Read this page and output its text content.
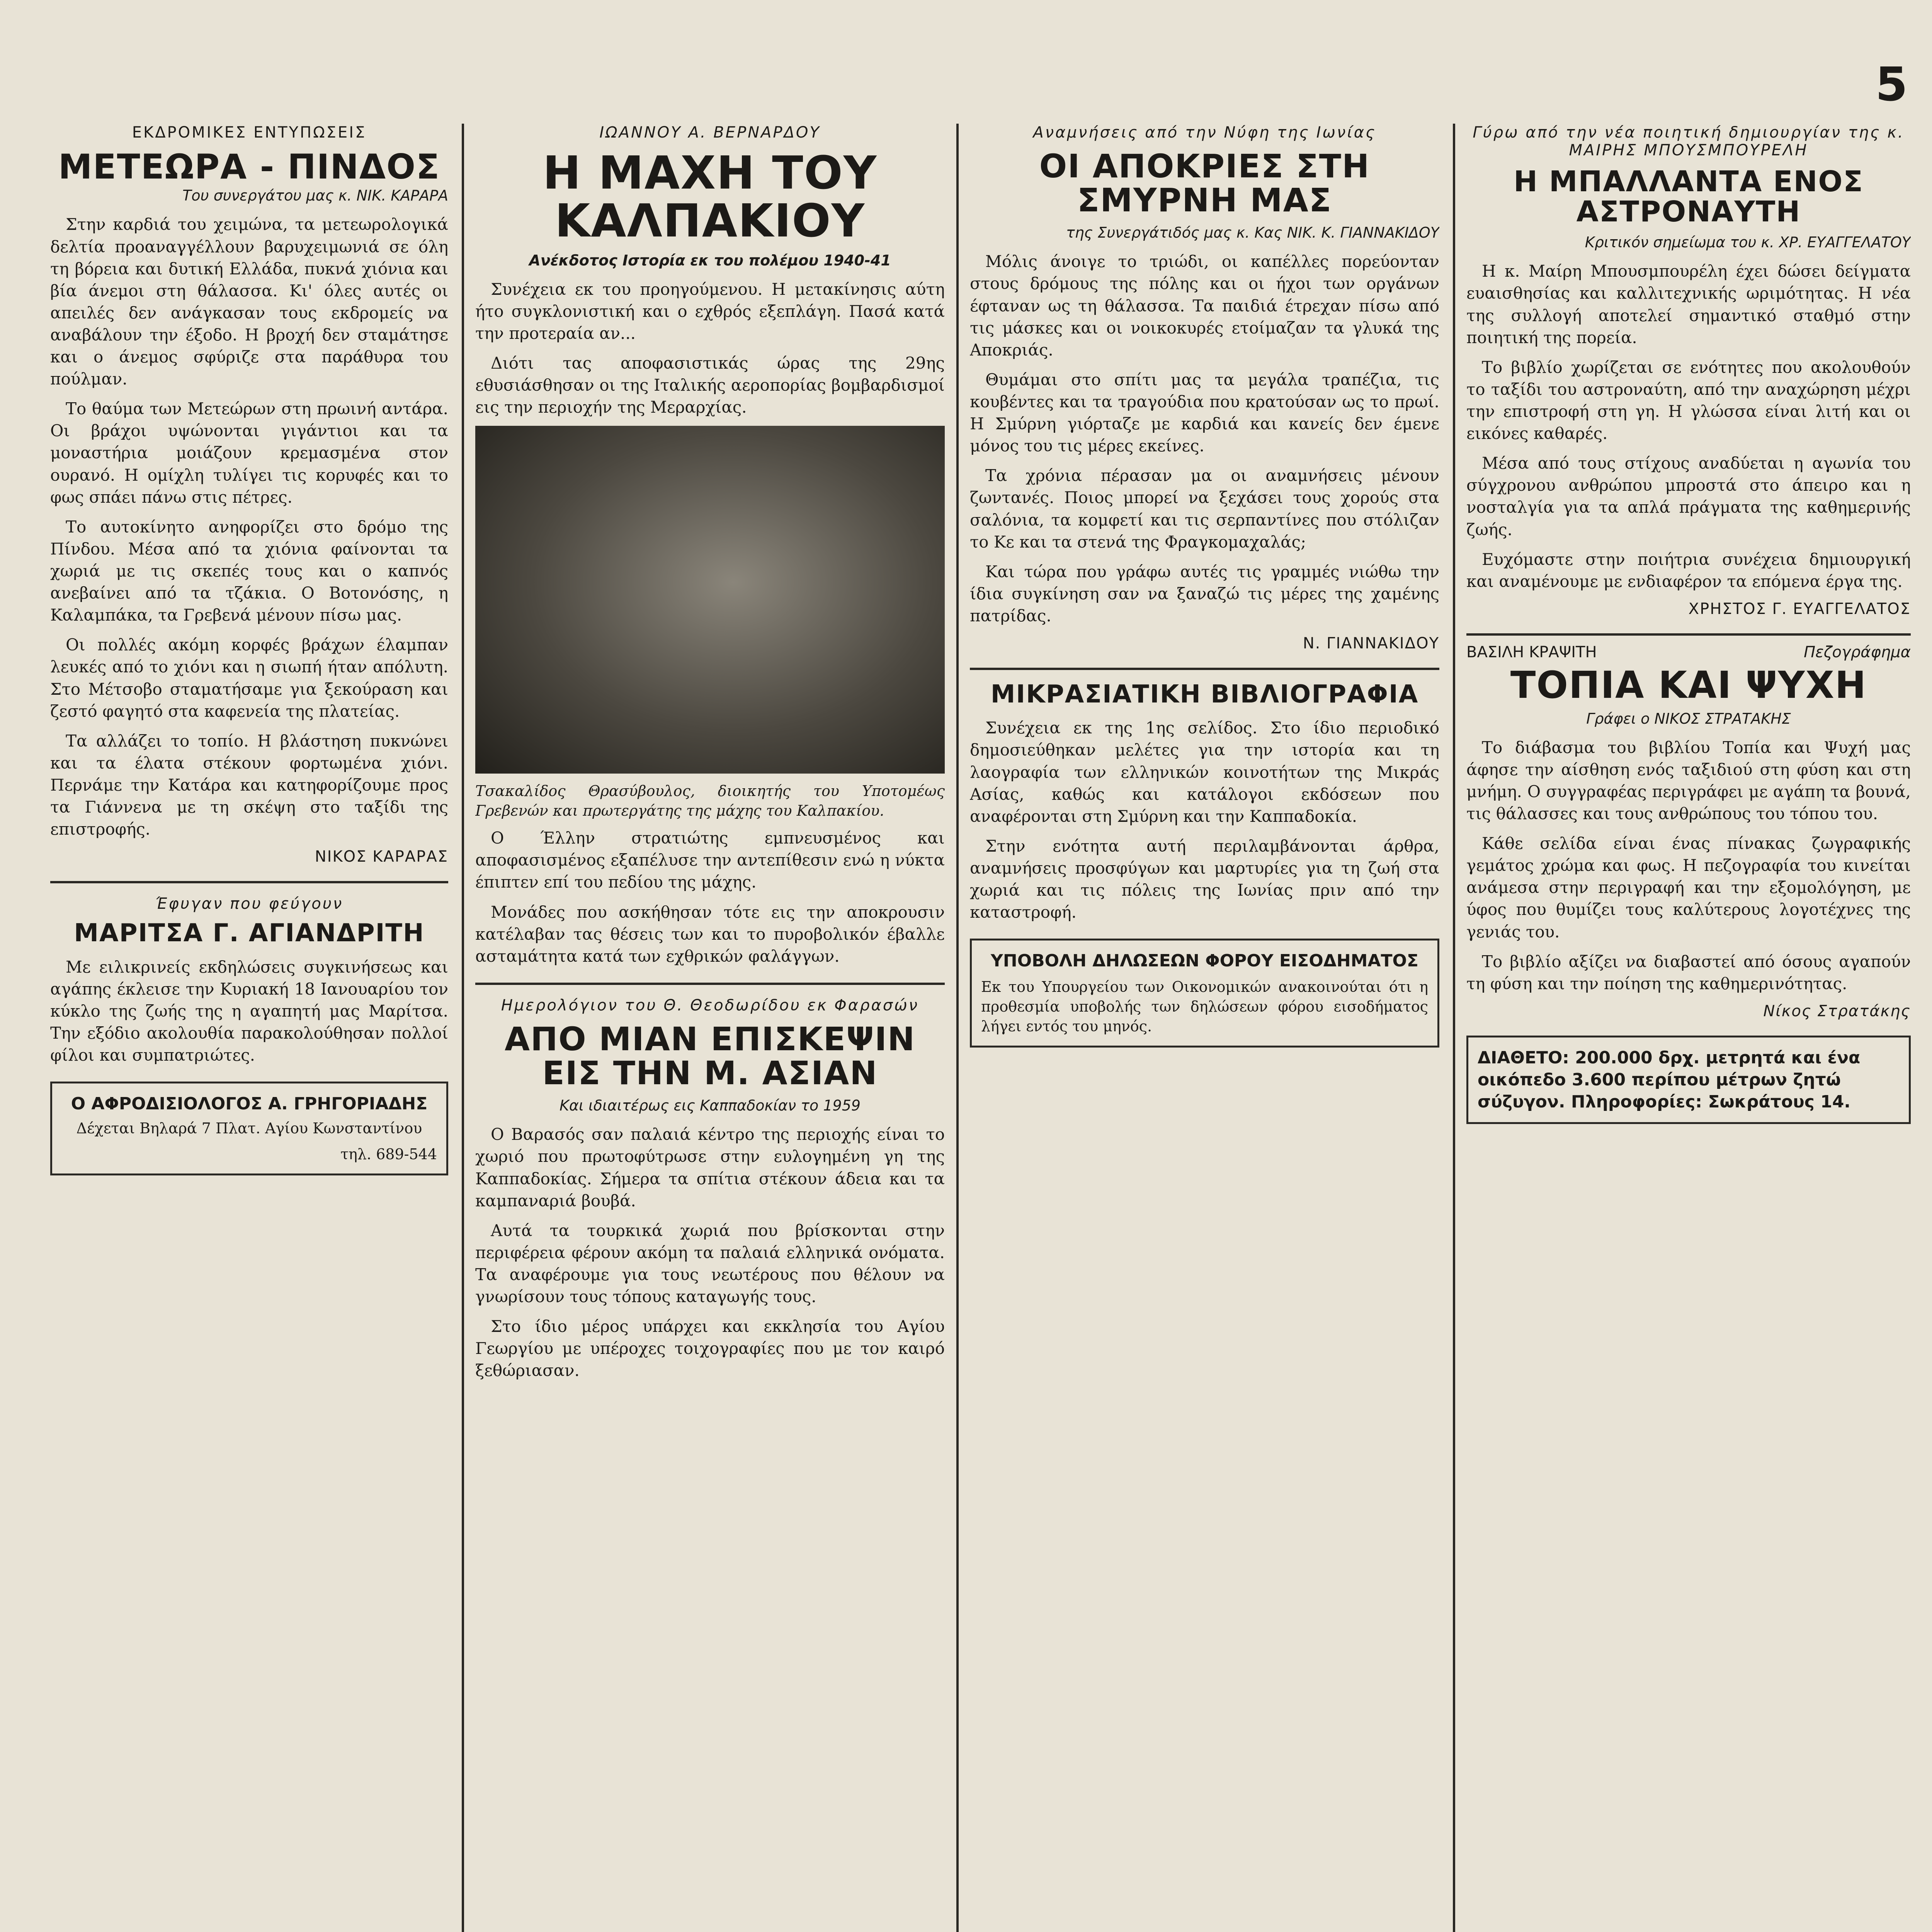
5

ΕΚΔΡΟΜΙΚΕΣ ΕΝΤΥΠΩΣΕΙΣ

ΜΕΤΕΩΡΑ - ΠΙΝΔΟΣ

Του συνεργάτου μας κ. ΝΙΚ. ΚΑΡΑΡΑ

Στην καρδιά του χειμώνα, τα μετεωρολογικά δελτία προαναγγέλλουν βαρυχειμωνιά σε όλη τη βόρεια και δυτική Ελλάδα, πυκνά χιόνια και βία άνεμοι στη θάλασσα. Κι' όλες αυτές οι απειλές δεν ανάγκασαν τους εκδρομείς να αναβάλουν την έξοδο. Η βροχή δεν σταμάτησε και ο άνεμος σφύριζε στα παράθυρα του πούλμαν.

Το θαύμα των Μετεώρων στη πρωινή αντάρα. Οι βράχοι υψώνονται γιγάντιοι και τα μοναστήρια μοιάζουν κρεμασμένα στον ουρανό. Η ομίχλη τυλίγει τις κορυφές και το φως σπάει πάνω στις πέτρες.

Το αυτοκίνητο ανηφορίζει στο δρόμο της Πίνδου. Μέσα από τα χιόνια φαίνονται τα χωριά με τις σκεπές τους και ο καπνός ανεβαίνει από τα τζάκια. Ο Βοτονόσης, η Καλαμπάκα, τα Γρεβενά μένουν πίσω μας.

Οι πολλές ακόμη κορφές βράχων έλαμπαν λευκές από το χιόνι και η σιωπή ήταν απόλυτη. Στο Μέτσοβο σταματήσαμε για ξεκούραση και ζεστό φαγητό στα καφενεία της πλατείας.

Τα αλλάζει το τοπίο. Η βλάστηση πυκνώνει και τα έλατα στέκουν φορτωμένα χιόνι. Περνάμε την Κατάρα και κατηφορίζουμε προς τα Γιάννενα με τη σκέψη στο ταξίδι της επιστροφής.

ΝΙΚΟΣ ΚΑΡΑΡΑΣ

Έφυγαν που φεύγουν

ΜΑΡΙΤΣΑ Γ. ΑΓΙΑΝΔΡΙΤΗ

Με ειλικρινείς εκδηλώσεις συγκινήσεως και αγάπης έκλεισε την Κυριακή 18 Ιανουαρίου τον κύκλο της ζωής της η αγαπητή μας Μαρίτσα. Την εξόδιο ακολουθία παρακολούθησαν πολλοί φίλοι και συμπατριώτες.

Ο ΑΦΡΟΔΙΣΙΟΛΟΓΟΣ Α. ΓΡΗΓΟΡΙΑΔΗΣ

Δέχεται Βηλαρά 7 Πλατ. Αγίου Κωνσταντίνου

τηλ. 689-544

ΙΩΑΝΝΟΥ Α. ΒΕΡΝΑΡΔΟΥ

Η ΜΑΧΗ ΤΟΥ ΚΑΛΠΑΚΙΟΥ

Ανέκδοτος Ιστορία εκ του πολέμου 1940-41

Συνέχεια εκ του προηγούμενου. Η μετακίνησις αύτη ήτο συγκλονιστική και ο εχθρός εξεπλάγη. Πασά κατά την προτεραία αν...

Διότι τας αποφασιστικάς ώρας της 29ης εθυσιάσθησαν οι της Ιταλικής αεροπορίας βομβαρδισμοί εις την περιοχήν της Μεραρχίας.

Τσακαλίδος Θρασύβουλος, διοικητής του Υποτομέως Γρεβενών και πρωτεργάτης της μάχης του Καλπακίου.

Ο Έλλην στρατιώτης εμπνευσμένος και αποφασισμένος εξαπέλυσε την αντεπίθεσιν ενώ η νύκτα έπιπτεν επί του πεδίου της μάχης.

Μονάδες που ασκήθησαν τότε εις την αποκρουσιν κατέλαβαν τας θέσεις των και το πυροβολικόν έβαλλε ασταμάτητα κατά των εχθρικών φαλάγγων.

Ημερολόγιον του Θ. Θεοδωρίδου εκ Φαρασών

ΑΠΟ ΜΙΑΝ ΕΠΙΣΚΕΨΙΝ ΕΙΣ ΤΗΝ Μ. ΑΣΙΑΝ

Και ιδιαιτέρως εις Καππαδοκίαν το 1959

Ο Βαρασός σαν παλαιά κέντρο της περιοχής είναι το χωριό που πρωτοφύτρωσε στην ευλογημένη γη της Καππαδοκίας. Σήμερα τα σπίτια στέκουν άδεια και τα καμπαναριά βουβά.

Αυτά τα τουρκικά χωριά που βρίσκονται στην περιφέρεια φέρουν ακόμη τα παλαιά ελληνικά ονόματα. Τα αναφέρουμε για τους νεωτέρους που θέλουν να γνωρίσουν τους τόπους καταγωγής τους.

Στο ίδιο μέρος υπάρχει και εκκλησία του Αγίου Γεωργίου με υπέροχες τοιχογραφίες που με τον καιρό ξεθώριασαν.

Αναμνήσεις από την Νύφη της Ιωνίας

ΟΙ ΑΠΟΚΡΙΕΣ ΣΤΗ ΣΜΥΡΝΗ ΜΑΣ

της Συνεργάτιδός μας κ. Κας ΝΙΚ. Κ. ΓΙΑΝΝΑΚΙΔΟΥ

Μόλις άνοιγε το τριώδι, οι καπέλλες πορεύονταν στους δρόμους της πόλης και οι ήχοι των οργάνων έφταναν ως τη θάλασσα. Τα παιδιά έτρεχαν πίσω από τις μάσκες και οι νοικοκυρές ετοίμαζαν τα γλυκά της Αποκριάς.

Θυμάμαι στο σπίτι μας τα μεγάλα τραπέζια, τις κουβέντες και τα τραγούδια που κρατούσαν ως το πρωί. Η Σμύρνη γιόρταζε με καρδιά και κανείς δεν έμενε μόνος του τις μέρες εκείνες.

Τα χρόνια πέρασαν μα οι αναμνήσεις μένουν ζωντανές. Ποιος μπορεί να ξεχάσει τους χορούς στα σαλόνια, τα κομφετί και τις σερπαντίνες που στόλιζαν το Κε και τα στενά της Φραγκομαχαλάς;

Και τώρα που γράφω αυτές τις γραμμές νιώθω την ίδια συγκίνηση σαν να ξαναζώ τις μέρες της χαμένης πατρίδας.

Ν. ΓΙΑΝΝΑΚΙΔΟΥ

ΜΙΚΡΑΣΙΑΤΙΚΗ ΒΙΒΛΙΟΓΡΑΦΙΑ

Συνέχεια εκ της 1ης σελίδος. Στο ίδιο περιοδικό δημοσιεύθηκαν μελέτες για την ιστορία και τη λαογραφία των ελληνικών κοινοτήτων της Μικράς Ασίας, καθώς και κατάλογοι εκδόσεων που αναφέρονται στη Σμύρνη και την Καππαδοκία.

Στην ενότητα αυτή περιλαμβάνονται άρθρα, αναμνήσεις προσφύγων και μαρτυρίες για τη ζωή στα χωριά και τις πόλεις της Ιωνίας πριν από την καταστροφή.

ΥΠΟΒΟΛΗ ΔΗΛΩΣΕΩΝ ΦΟΡΟΥ ΕΙΣΟΔΗΜΑΤΟΣ

Εκ του Υπουργείου των Οικονομικών ανακοινούται ότι η προθεσμία υποβολής των δηλώσεων φόρου εισοδήματος λήγει εντός του μηνός.

Γύρω από την νέα ποιητική δημιουργίαν της κ. ΜΑΙΡΗΣ ΜΠΟΥΣΜΠΟΥΡΕΛΗ

Η ΜΠΑΛΛΑΝΤΑ ΕΝΟΣ ΑΣΤΡΟΝΑΥΤΗ

Κριτικόν σημείωμα του κ. ΧΡ. ΕΥΑΓΓΕΛΑΤΟΥ

Η κ. Μαίρη Μπουσμπουρέλη έχει δώσει δείγματα ευαισθησίας και καλλιτεχνικής ωριμότητας. Η νέα της συλλογή αποτελεί σημαντικό σταθμό στην ποιητική της πορεία.

Το βιβλίο χωρίζεται σε ενότητες που ακολουθούν το ταξίδι του αστροναύτη, από την αναχώρηση μέχρι την επιστροφή στη γη. Η γλώσσα είναι λιτή και οι εικόνες καθαρές.

Μέσα από τους στίχους αναδύεται η αγωνία του σύγχρονου ανθρώπου μπροστά στο άπειρο και η νοσταλγία για τα απλά πράγματα της καθημερινής ζωής.

Ευχόμαστε στην ποιήτρια συνέχεια δημιουργική και αναμένουμε με ενδιαφέρον τα επόμενα έργα της.

ΧΡΗΣΤΟΣ Γ. ΕΥΑΓΓΕΛΑΤΟΣ

ΒΑΣΙΛΗ ΚΡΑΨΙΤΗ	Πεζογράφημα
ΤΟΠΙΑ ΚΑΙ ΨΥΧΗ

Γράφει ο ΝΙΚΟΣ ΣΤΡΑΤΑΚΗΣ

Το διάβασμα του βιβλίου Τοπία και Ψυχή μας άφησε την αίσθηση ενός ταξιδιού στη φύση και στη μνήμη. Ο συγγραφέας περιγράφει με αγάπη τα βουνά, τις θάλασσες και τους ανθρώπους του τόπου του.

Κάθε σελίδα είναι ένας πίνακας ζωγραφικής γεμάτος χρώμα και φως. Η πεζογραφία του κινείται ανάμεσα στην περιγραφή και την εξομολόγηση, με ύφος που θυμίζει τους καλύτερους λογοτέχνες της γενιάς του.

Το βιβλίο αξίζει να διαβαστεί από όσους αγαπούν τη φύση και την ποίηση της καθημερινότητας.

Νίκος Στρατάκης

ΔΙΑΘΕΤΟ: 200.000 δρχ. μετρητά και ένα οικόπεδο 3.600 περίπου μέτρων ζητώ σύζυγον. Πληροφορίες: Σωκράτους 14.
